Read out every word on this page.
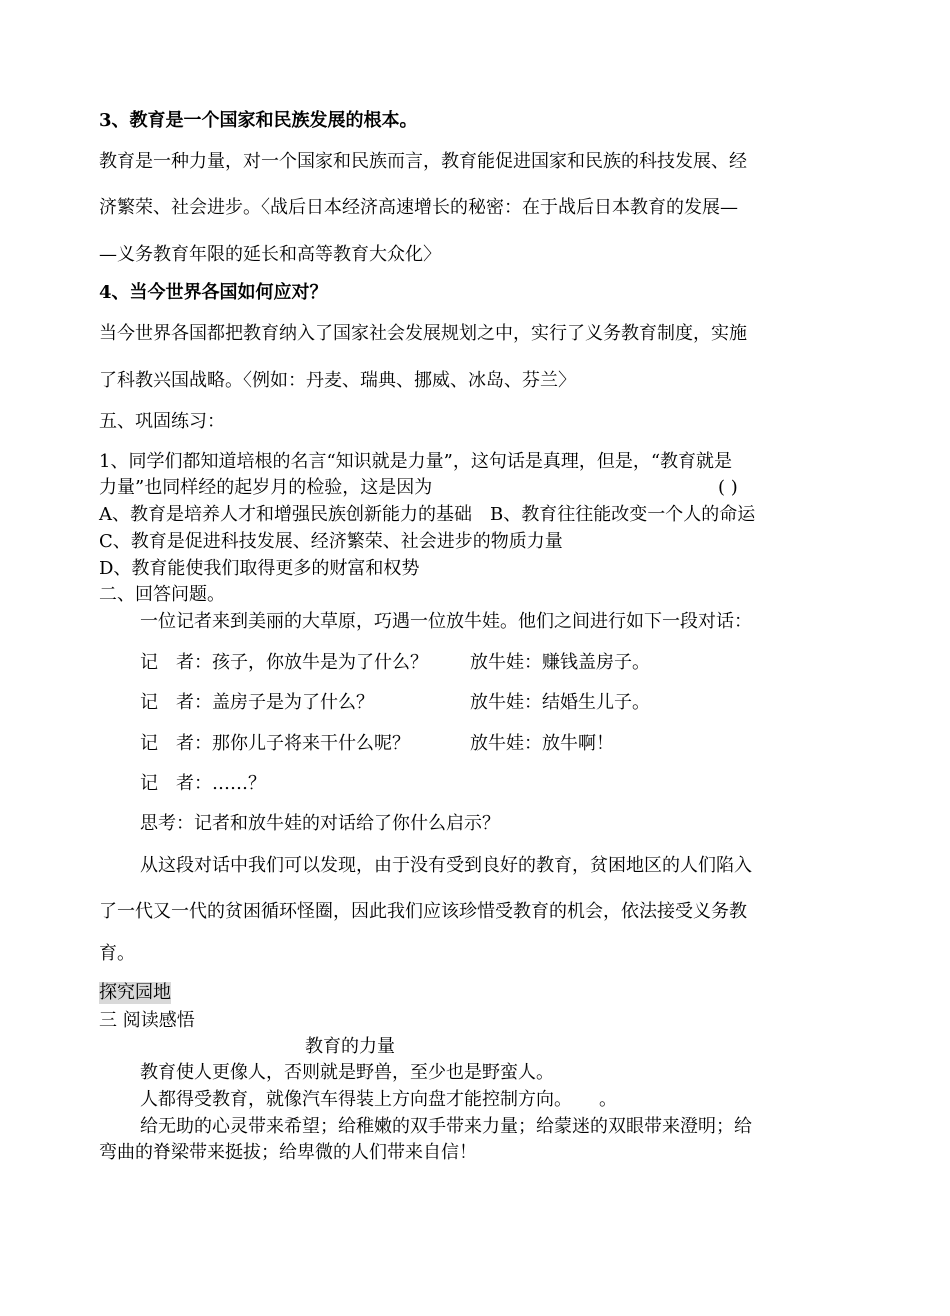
3、教育是一个国家和民族发展的根本。
教育是一种力量，对一个国家和民族而言，教育能促进国家和民族的科技发展、经
济繁荣、社会进步。〈战后日本经济高速增长的秘密：在于战后日本教育的发展—
—义务教育年限的延长和高等教育大众化〉
4、当今世界各国如何应对？
当今世界各国都把教育纳入了国家社会发展规划之中，实行了义务教育制度，实施
了科教兴国战略。〈例如：丹麦、瑞典、挪威、冰岛、芬兰〉
五、巩固练习：
1、同学们都知道培根的名言“知识就是力量”，这句话是真理，但是，“教育就是
力量”也同样经的起岁月的检验，这是因为	( )
A、教育是培养人才和增强民族创新能力的基础　B、教育往往能改变一个人的命运
C、教育是促进科技发展、经济繁荣、社会进步的物质力量
D、教育能使我们取得更多的财富和权势
二、回答问题。
一位记者来到美丽的大草原，巧遇一位放牛娃。他们之间进行如下一段对话：
记　者：孩子，你放牛是为了什么？ 放牛娃：赚钱盖房子。
记　者：盖房子是为了什么？	放牛娃：结婚生儿子。
记　者：那你儿子将来干什么呢？	放牛娃：放牛啊！
记　者：……？
思考：记者和放牛娃的对话给了你什么启示？
从这段对话中我们可以发现，由于没有受到良好的教育，贫困地区的人们陷入
了一代又一代的贫困循环怪圈，因此我们应该珍惜受教育的机会，依法接受义务教
育。
探究园地
三 阅读感悟
教育的力量
教育使人更像人，否则就是野兽，至少也是野蛮人。
人都得受教育，就像汽车得装上方向盘才能控制方向。　　。
给无助的心灵带来希望；给稚嫩的双手带来力量；给蒙迷的双眼带来澄明；给
弯曲的脊梁带来挺拔；给卑微的人们带来自信！
